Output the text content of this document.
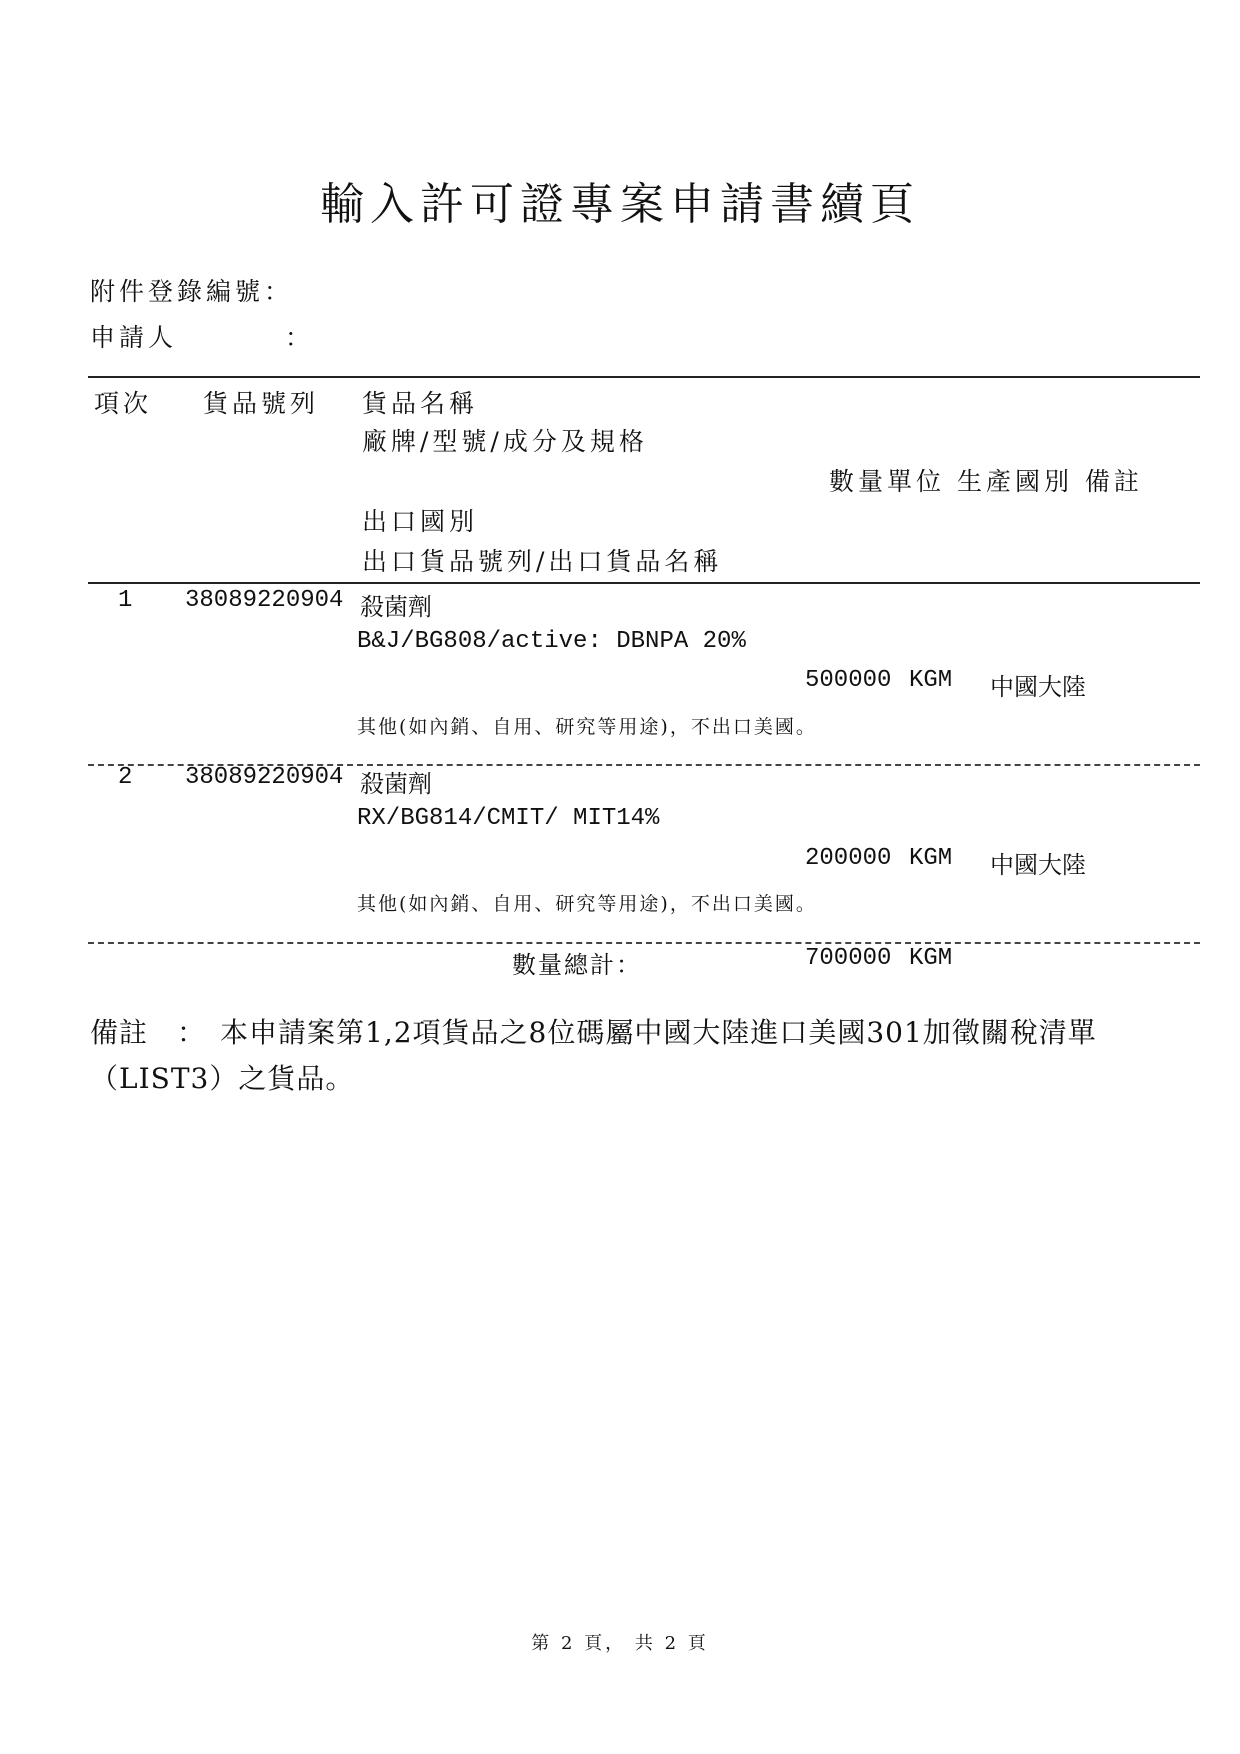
輸入許可證專案申請書續頁
附件登錄編號：
申請人	：
項次 貨品號列 貨品名稱
廠牌/型號/成分及規格
數量單位 生產國別 備註
出口國別
出口貨品號列/出口貨品名稱
1 38089220904 殺菌劑
B&J/BG808/active: DBNPA 20%
500000 KGM 中國大陸
其他(如內銷、自用、研究等用途)，不出口美國。
2 38089220904 殺菌劑
RX/BG814/CMIT/ MIT14%
200000 KGM 中國大陸
其他(如內銷、自用、研究等用途)，不出口美國。
數量總計：	700000 KGM
備註　： 本申請案第1,2項貨品之8位碼屬中國大陸進口美國301加徵關稅清單（LIST3）之貨品。
第 2 頁， 共 2 頁
